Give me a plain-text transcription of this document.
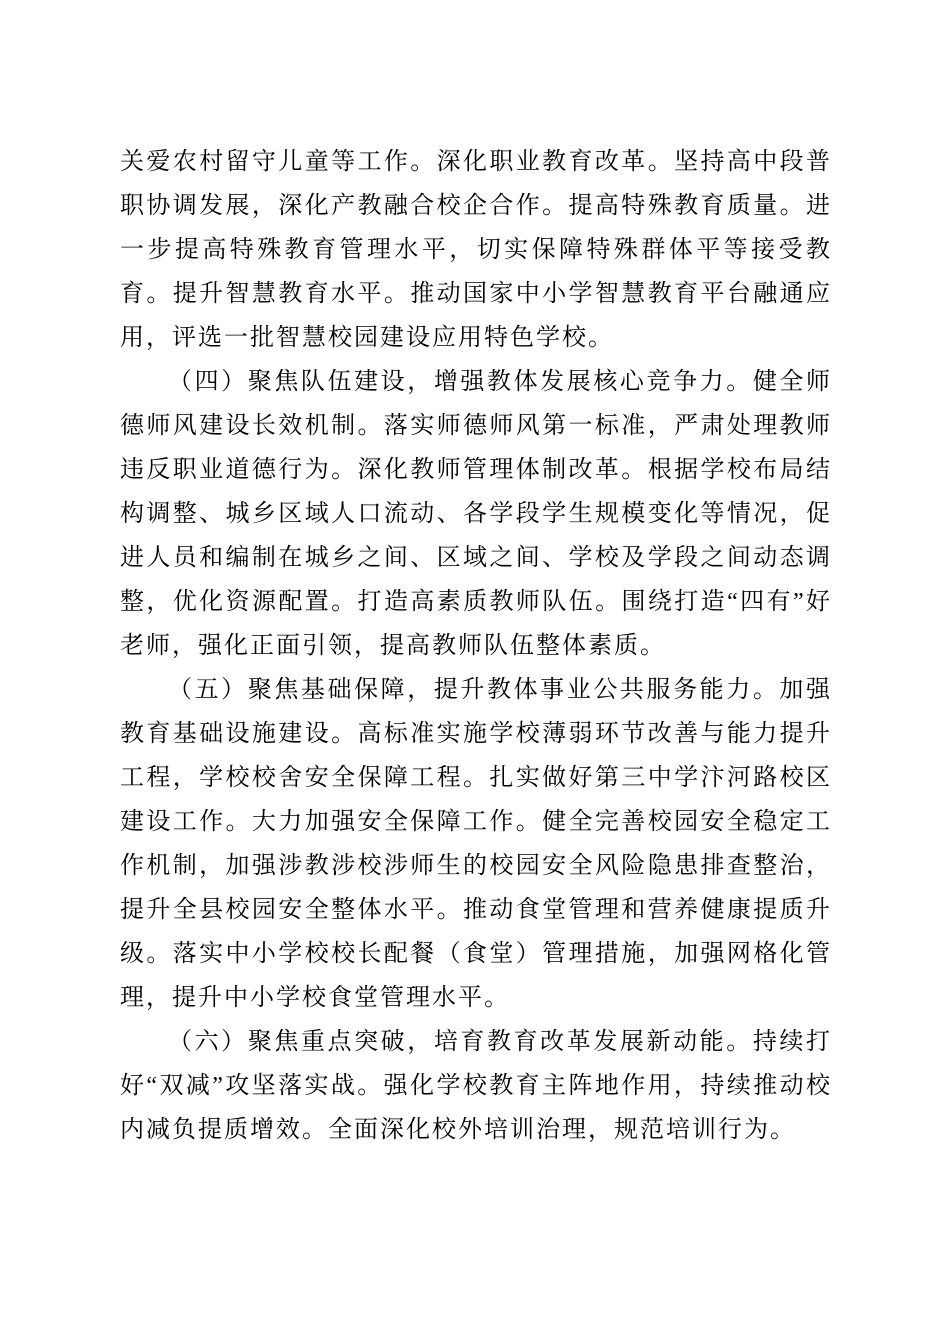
关爱农村留守儿童等工作。深化职业教育改革。坚持高中段普职协调发展，深化产教融合校企合作。提高特殊教育质量。进一步提高特殊教育管理水平，切实保障特殊群体平等接受教育。提升智慧教育水平。推动国家中小学智慧教育平台融通应用，评选一批智慧校园建设应用特色学校。

（四）聚焦队伍建设，增强教体发展核心竞争力。健全师德师风建设长效机制。落实师德师风第一标准，严肃处理教师违反职业道德行为。深化教师管理体制改革。根据学校布局结构调整、城乡区域人口流动、各学段学生规模变化等情况，促进人员和编制在城乡之间、区域之间、学校及学段之间动态调整，优化资源配置。打造高素质教师队伍。围绕打造“四有”好老师，强化正面引领，提高教师队伍整体素质。

（五）聚焦基础保障，提升教体事业公共服务能力。加强教育基础设施建设。高标准实施学校薄弱环节改善与能力提升工程，学校校舍安全保障工程。扎实做好第三中学汴河路校区建设工作。大力加强安全保障工作。健全完善校园安全稳定工作机制，加强涉教涉校涉师生的校园安全风险隐患排查整治，提升全县校园安全整体水平。推动食堂管理和营养健康提质升级。落实中小学校校长配餐（食堂）管理措施，加强网格化管理，提升中小学校食堂管理水平。

（六）聚焦重点突破，培育教育改革发展新动能。持续打好“双减”攻坚落实战。强化学校教育主阵地作用，持续推动校内减负提质增效。全面深化校外培训治理，规范培训行为。
